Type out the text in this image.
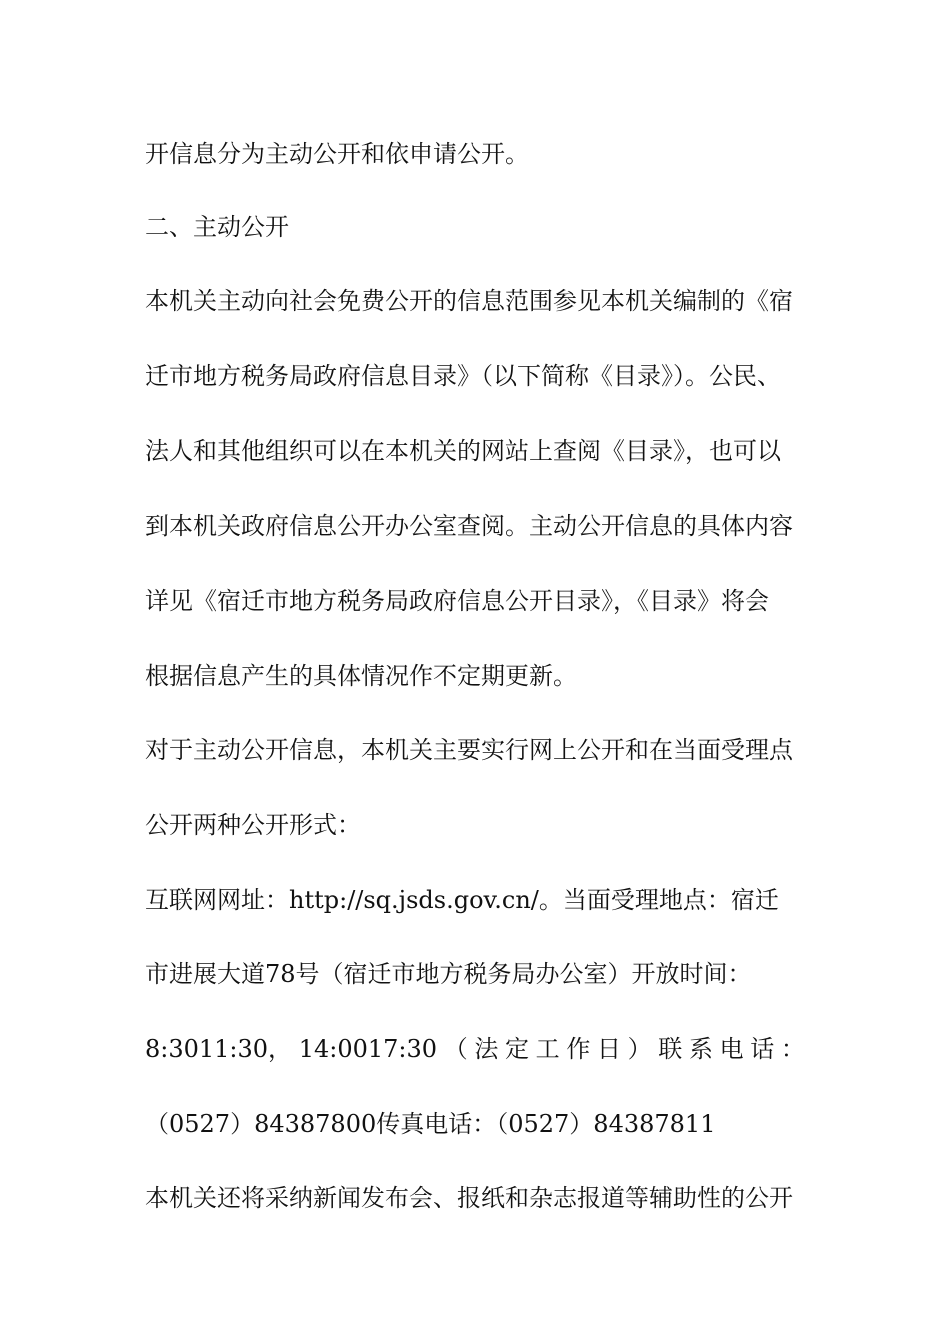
开信息分为主动公开和依申请公开。
二、主动公开
本机关主动向社会免费公开的信息范围参见本机关编制的《宿
迁市地方税务局政府信息目录》（以下简称《目录》）。公民、
法人和其他组织可以在本机关的网站上查阅《目录》，也可以
到本机关政府信息公开办公室查阅。主动公开信息的具体内容
详见《宿迁市地方税务局政府信息公开目录》，《目录》将会
根据信息产生的具体情况作不定期更新。
对于主动公开信息，本机关主要实行网上公开和在当面受理点
公开两种公开形式：
互联网网址：http://sq.jsds.gov.cn/。当面受理地点：宿迁
市进展大道78号（宿迁市地方税务局办公室）开放时间：
8:3011:30， 14:0017:30 （ 法 定 工 作 日 ） 联 系 电 话 ：
（0527）84387800传真电话：（0527）84387811
本机关还将采纳新闻发布会、报纸和杂志报道等辅助性的公开
